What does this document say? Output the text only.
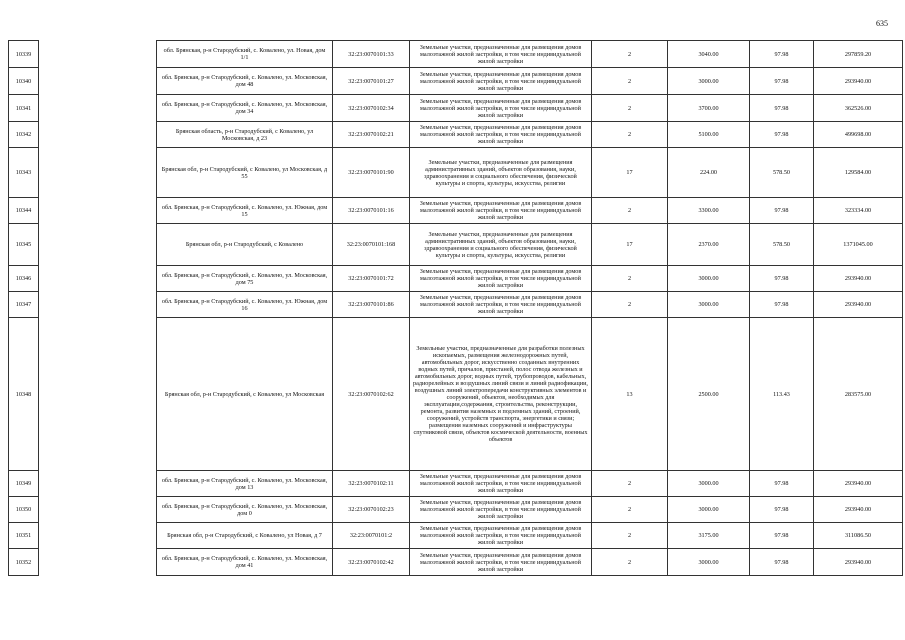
635
10339		обл. Брянская, р-н Стародубский, с. Коваленo, ул. Новая, дом 1/1	32:23:0070101:33	Земельные участки, предназначенные для размещения домов малоэтажной жилой застройки, в том числе индивидуальной жилой застройки	2	3040.00	97.98	297859.20
10340		обл. Брянская, р-н Стародубский, с. Коваленo, ул. Московская, дом 48	32:23:0070101:27	Земельные участки, предназначенные для размещения домов малоэтажной жилой застройки, в том числе индивидуальной жилой застройки	2	3000.00	97.98	293940.00
10341		обл. Брянская, р-н Стародубский, с. Коваленo, ул. Московская, дом 34	32:23:0070102:34	Земельные участки, предназначенные для размещения домов малоэтажной жилой застройки, в том числе индивидуальной жилой застройки	2	3700.00	97.98	362526.00
10342		Брянская область, р-н Стародубский, с Коваленo, ул Московская, д 23	32:23:0070102:21	Земельные участки, предназначенные для размещения домов малоэтажной жилой застройки, в том числе индивидуальной жилой застройки	2	5100.00	97.98	499698.00
10343		Брянская обл, р-н Стародубский, с Коваленo, ул Московская, д 55	32:23:0070101:90	Земельные участки, предназначенные для размещения административных зданий, объектов образования, науки, здравоохранения и социального обеспечения, физической культуры и спорта, культуры, искусства, религии	17	224.00	578.50	129584.00
10344		обл. Брянская, р-н Стародубский, с. Коваленo, ул. Южная, дом 15	32:23:0070101:16	Земельные участки, предназначенные для размещения домов малоэтажной жилой застройки, в том числе индивидуальной жилой застройки	2	3300.00	97.98	323334.00
10345		Брянская обл, р-н Стародубский, с Коваленo	32:23:0070101:168	Земельные участки, предназначенные для размещения административных зданий, объектов образования, науки, здравоохранения и социального обеспечения, физической культуры и спорта, культуры, искусства, религии	17	2370.00	578.50	1371045.00
10346		обл. Брянская, р-н Стародубский, с. Коваленo, ул. Московская, дом 75	32:23:0070101:72	Земельные участки, предназначенные для размещения домов малоэтажной жилой застройки, в том числе индивидуальной жилой застройки	2	3000.00	97.98	293940.00
10347		обл. Брянская, р-н Стародубский, с. Коваленo, ул. Южная, дом 16	32:23:0070101:86	Земельные участки, предназначенные для размещения домов малоэтажной жилой застройки, в том числе индивидуальной жилой застройки	2	3000.00	97.98	293940.00
10348		Брянская обл, р-н Стародубский, с Коваленo, ул Московская	32:23:0070102:62	Земельные участки, предназначенные для разработки полезных ископаемых, размещения железнодорожных путей, автомобильных дорог, искусственно созданных внутренних водных путей, причалов, пристаней, полос отвода железных и автомобильных дорог, водных путей, трубопроводов, кабельных, радиорелейных и воздушных линий связи и линий радиофикации, воздушных линий электропередачи конструктивных элементов и сооружений, объектов, необходимых для эксплуатации,содержания, строительства, реконструкции, ремонта, развития наземных и подземных зданий, строений, сооружений, устройств транспорта, энергетики и связи; размещения наземных сооружений и инфраструктуры спутниковой связи, объектов космической деятельности, военных объектов	13	2500.00	113.43	283575.00
10349		обл. Брянская, р-н Стародубский, с. Коваленo, ул. Московская, дом 13	32:23:0070102:11	Земельные участки, предназначенные для размещения домов малоэтажной жилой застройки, в том числе индивидуальной жилой застройки	2	3000.00	97.98	293940.00
10350		обл. Брянская, р-н Стародубский, с. Коваленo, ул. Московская, дом 0	32:23:0070102:23	Земельные участки, предназначенные для размещения домов малоэтажной жилой застройки, в том числе индивидуальной жилой застройки	2	3000.00	97.98	293940.00
10351		Брянская обл, р-н Стародубский, с Коваленo, ул Новая, д 7	32:23:0070101:2	Земельные участки, предназначенные для размещения домов малоэтажной жилой застройки, в том числе индивидуальной жилой застройки	2	3175.00	97.98	311086.50
10352		обл. Брянская, р-н Стародубский, с. Коваленo, ул. Московская, дом 41	32:23:0070102:42	Земельные участки, предназначенные для размещения домов малоэтажной жилой застройки, в том числе индивидуальной жилой застройки	2	3000.00	97.98	293940.00
